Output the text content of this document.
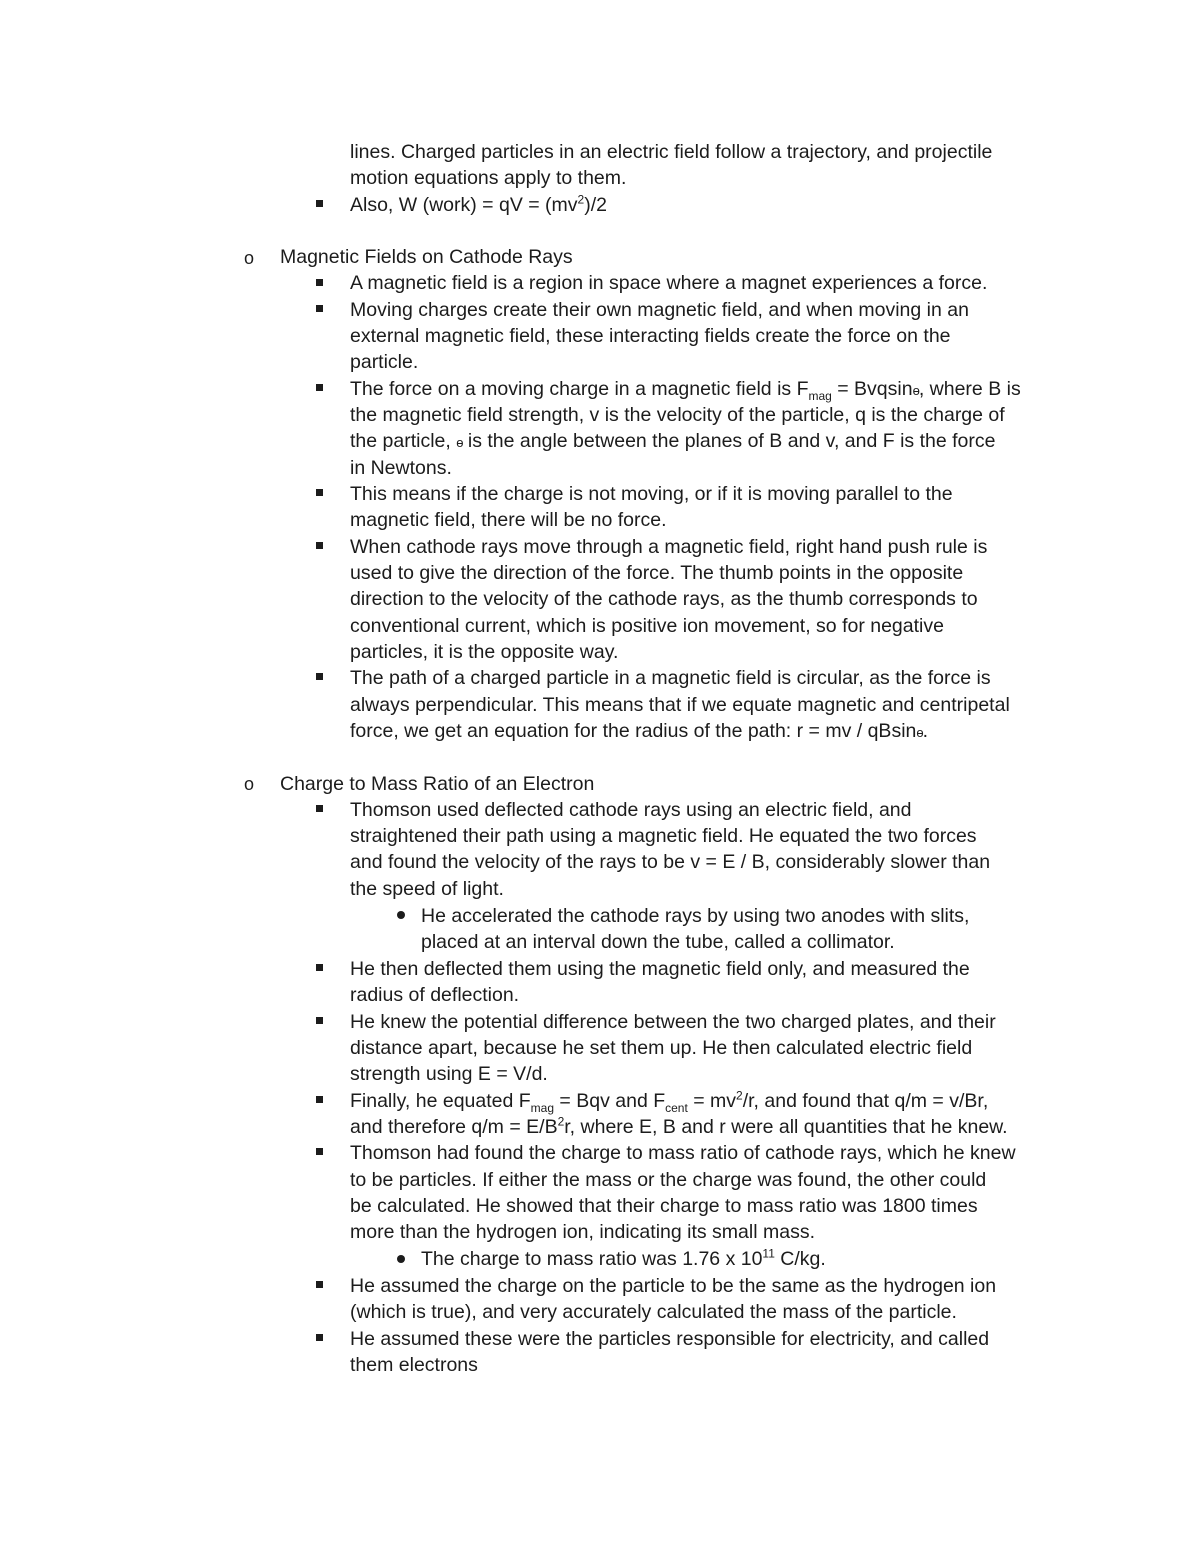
lines. Charged particles in an electric field follow a trajectory, and projectile
motion equations apply to them.
Also, W (work) = qV = $(mv^2)/2$
o Magnetic Fields on Cathode Rays
A magnetic field is a region in space where a magnet experiences a force.
Moving charges create their own magnetic field, and when moving in an
external magnetic field, these interacting fields create the force on the
particle.
The force on a moving charge in a magnetic field is $F_{mag}$ = Bvqsinɵ, where B is
the magnetic field strength, v is the velocity of the particle, q is the charge of
the particle, ɵ is the angle between the planes of B and v, and F is the force
in Newtons.
This means if the charge is not moving, or if it is moving parallel to the
magnetic field, there will be no force.
When cathode rays move through a magnetic field, right hand push rule is
used to give the direction of the force. The thumb points in the opposite
direction to the velocity of the cathode rays, as the thumb corresponds to
conventional current, which is positive ion movement, so for negative
particles, it is the opposite way.
The path of a charged particle in a magnetic field is circular, as the force is
always perpendicular. This means that if we equate magnetic and centripetal
force, we get an equation for the radius of the path: r = mv / qBsinɵ.
o Charge to Mass Ratio of an Electron
Thomson used deflected cathode rays using an electric field, and
straightened their path using a magnetic field. He equated the two forces
and found the velocity of the rays to be v = E / B, considerably slower than
the speed of light.
He accelerated the cathode rays by using two anodes with slits,
placed at an interval down the tube, called a collimator.
He then deflected them using the magnetic field only, and measured the
radius of deflection.
He knew the potential difference between the two charged plates, and their
distance apart, because he set them up. He then calculated electric field
strength using E = V/d.
Finally, he equated $F_{mag}$ = Bqv and $F_{cent} = mv^2/r$, and found that q/m = v/Br,
and therefore $q/m = E/B^2r$, where E, B and r were all quantities that he knew.
Thomson had found the charge to mass ratio of cathode rays, which he knew
to be particles. If either the mass or the charge was found, the other could
be calculated. He showed that their charge to mass ratio was 1800 times
more than the hydrogen ion, indicating its small mass.
The charge to mass ratio was 1.76 x $10^{11}$ C/kg.
He assumed the charge on the particle to be the same as the hydrogen ion
(which is true), and very accurately calculated the mass of the particle.
He assumed these were the particles responsible for electricity, and called
them electrons
